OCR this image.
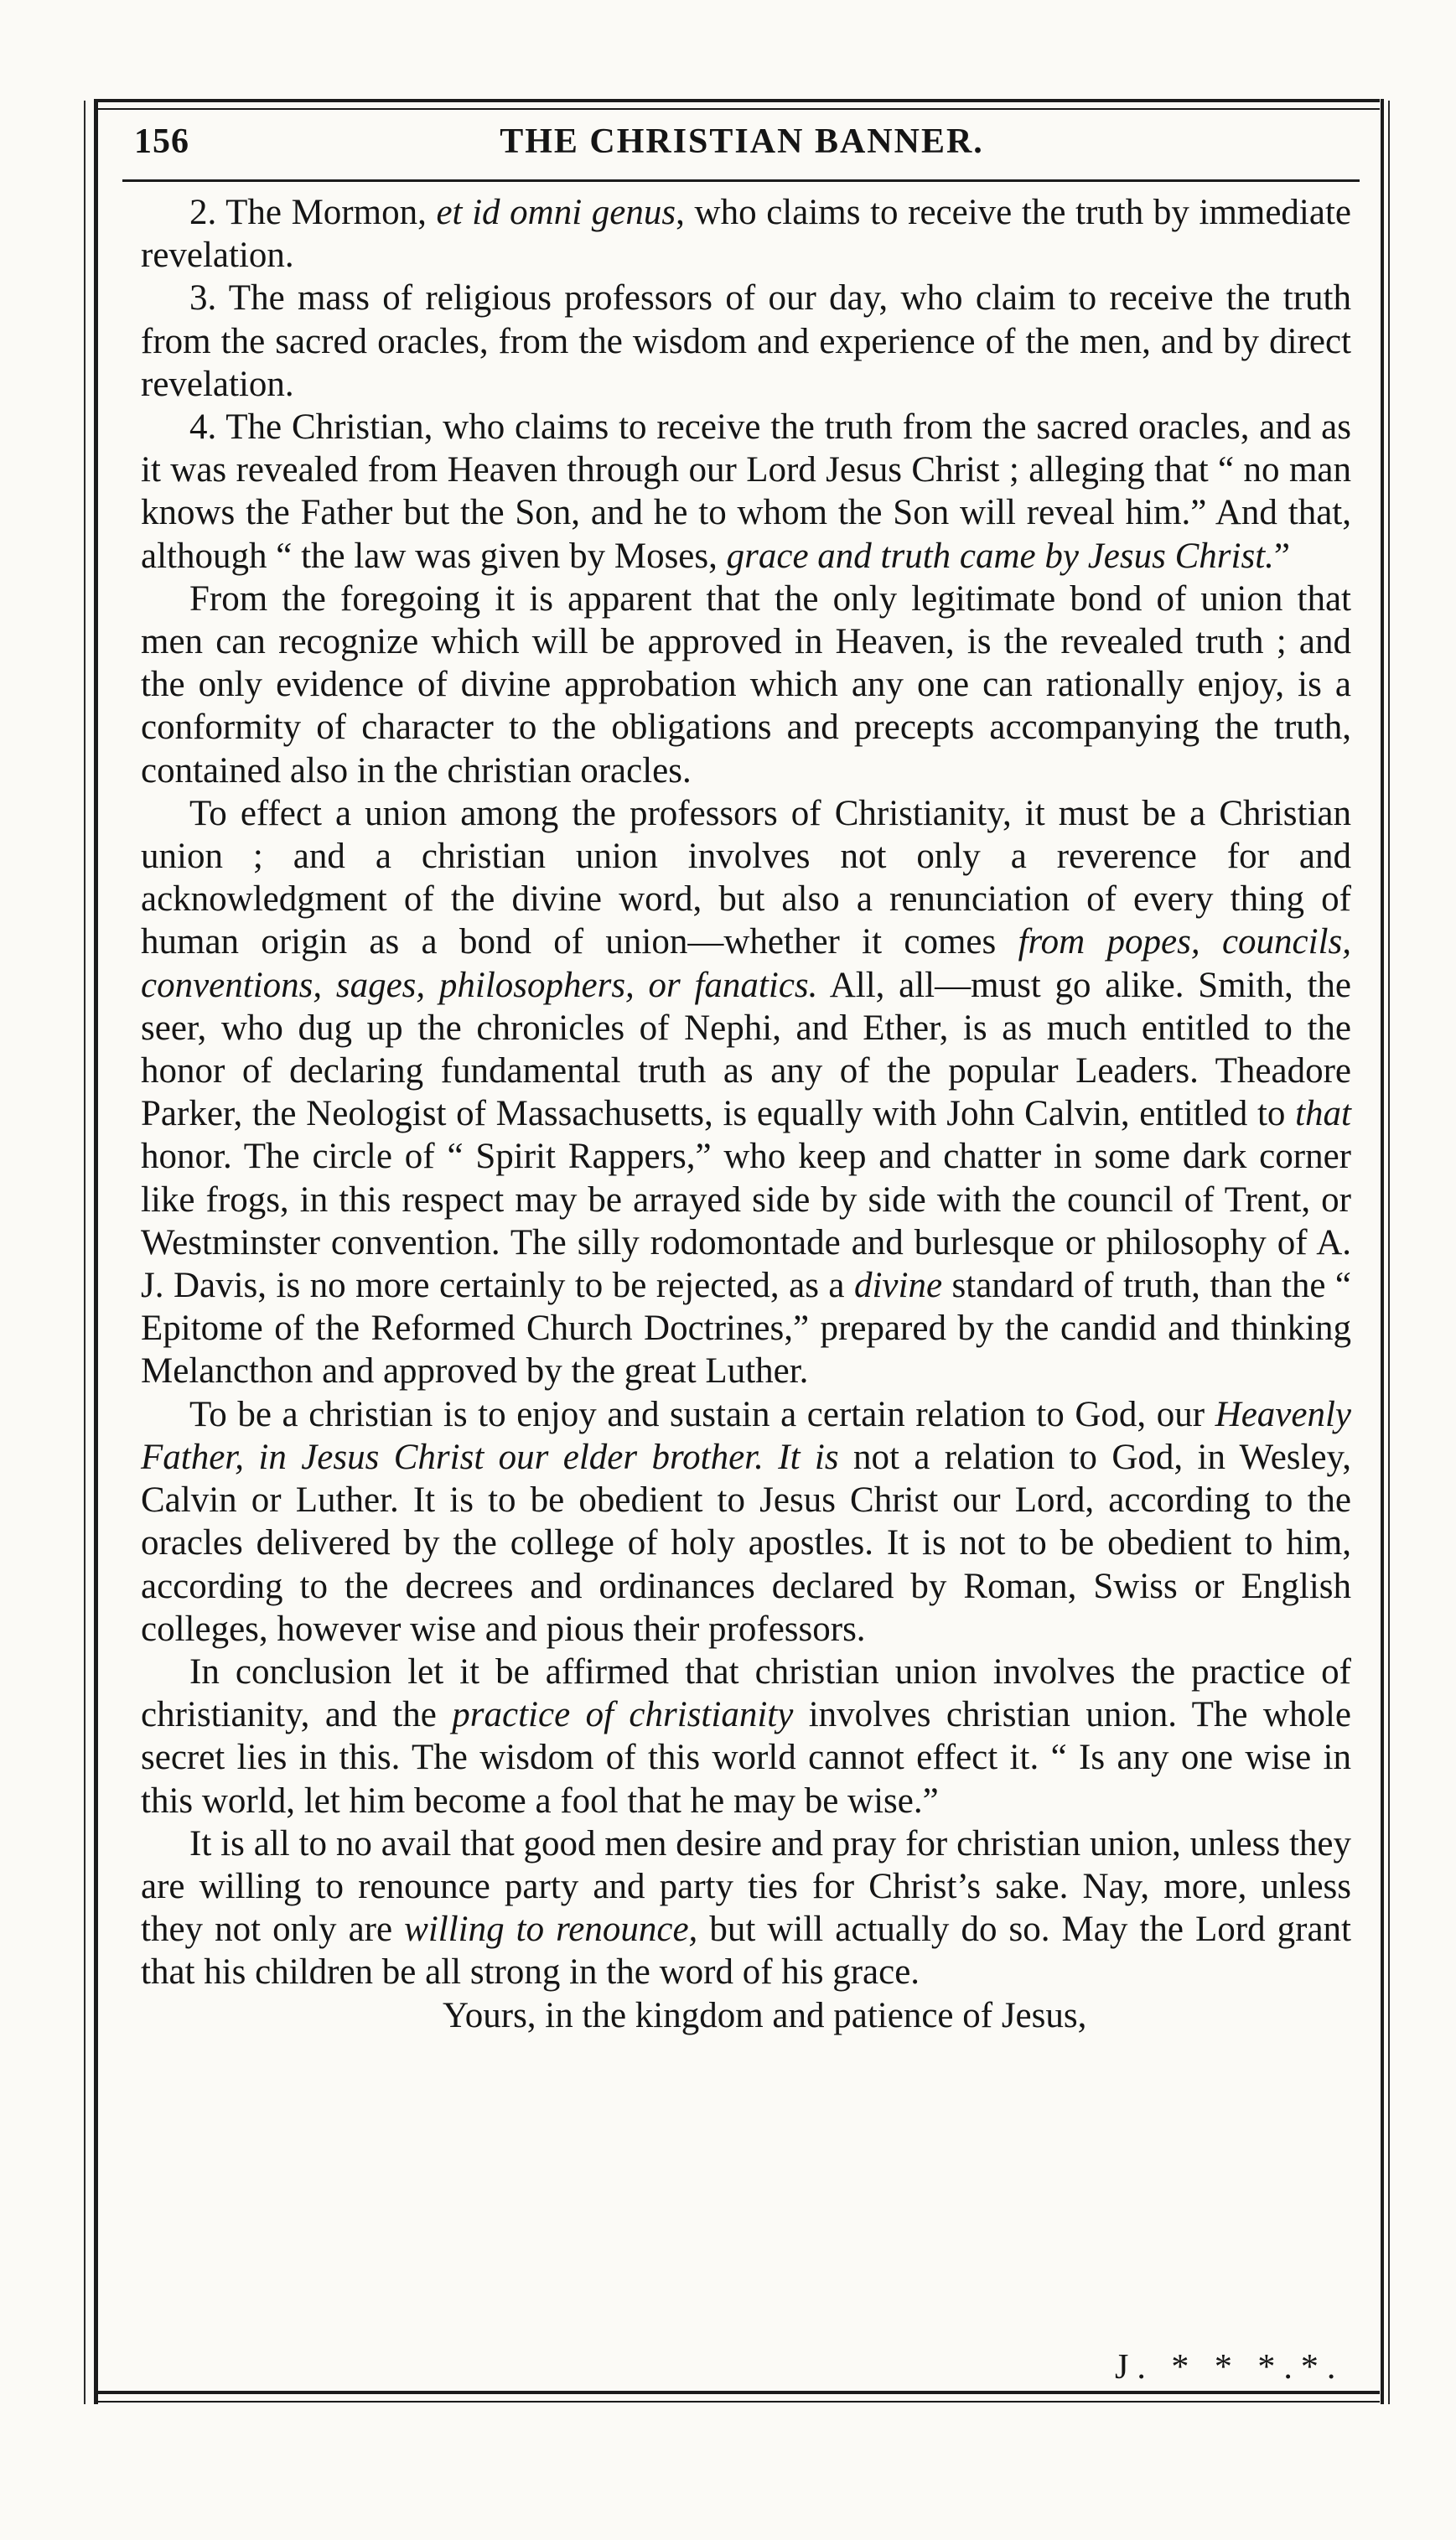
156	THE CHRISTIAN BANNER.

2. The Mormon, et id omni genus, who claims to receive the truth by immediate revelation.

3. The mass of religious professors of our day, who claim to receive the truth from the sacred oracles, from the wisdom and experience of the men, and by direct revelation.

4. The Christian, who claims to receive the truth from the sacred oracles, and as it was revealed from Heaven through our Lord Jesus Christ ; alleging that “ no man knows the Father but the Son, and he to whom the Son will reveal him.” And that, although “ the law was given by Moses, grace and truth came by Jesus Christ.”

From the foregoing it is apparent that the only legitimate bond of union that men can recognize which will be approved in Heaven, is the revealed truth ; and the only evidence of divine approbation which any one can rationally enjoy, is a conformity of character to the obligations and precepts accompanying the truth, contained also in the christian oracles.

To effect a union among the professors of Christianity, it must be a Christian union ; and a christian union involves not only a reverence for and acknowledgment of the divine word, but also a renunciation of every thing of human origin as a bond of union—whether it comes from popes, councils, conventions, sages, philosophers, or fanatics. All, all—must go alike. Smith, the seer, who dug up the chronicles of Nephi, and Ether, is as much entitled to the honor of declaring fundamental truth as any of the popular Leaders. Theadore Parker, the Neologist of Massachusetts, is equally with John Calvin, entitled to that honor. The circle of “ Spirit Rappers,” who keep and chatter in some dark corner like frogs, in this respect may be arrayed side by side with the council of Trent, or Westminster convention. The silly rodomontade and burlesque or philosophy of A. J. Davis, is no more certainly to be rejected, as a divine standard of truth, than the “ Epitome of the Reformed Church Doctrines,” prepared by the candid and thinking Melancthon and approved by the great Luther.

To be a christian is to enjoy and sustain a certain relation to God, our Heavenly Father, in Jesus Christ our elder brother. It is not a relation to God, in Wesley, Calvin or Luther. It is to be obedient to Jesus Christ our Lord, according to the oracles delivered by the college of holy apostles. It is not to be obedient to him, according to the decrees and ordinances declared by Roman, Swiss or English colleges, however wise and pious their professors.

In conclusion let it be affirmed that christian union involves the practice of christianity, and the practice of christianity involves christian union. The whole secret lies in this. The wisdom of this world cannot effect it. “ Is any one wise in this world, let him become a fool that he may be wise.”

It is all to no avail that good men desire and pray for christian union, unless they are willing to renounce party and party ties for Christ’s sake. Nay, more, unless they not only are willing to renounce, but will actually do so. May the Lord grant that his children be all strong in the word of his grace.

Yours, in the kingdom and patience of Jesus,

J. * * *.*.
